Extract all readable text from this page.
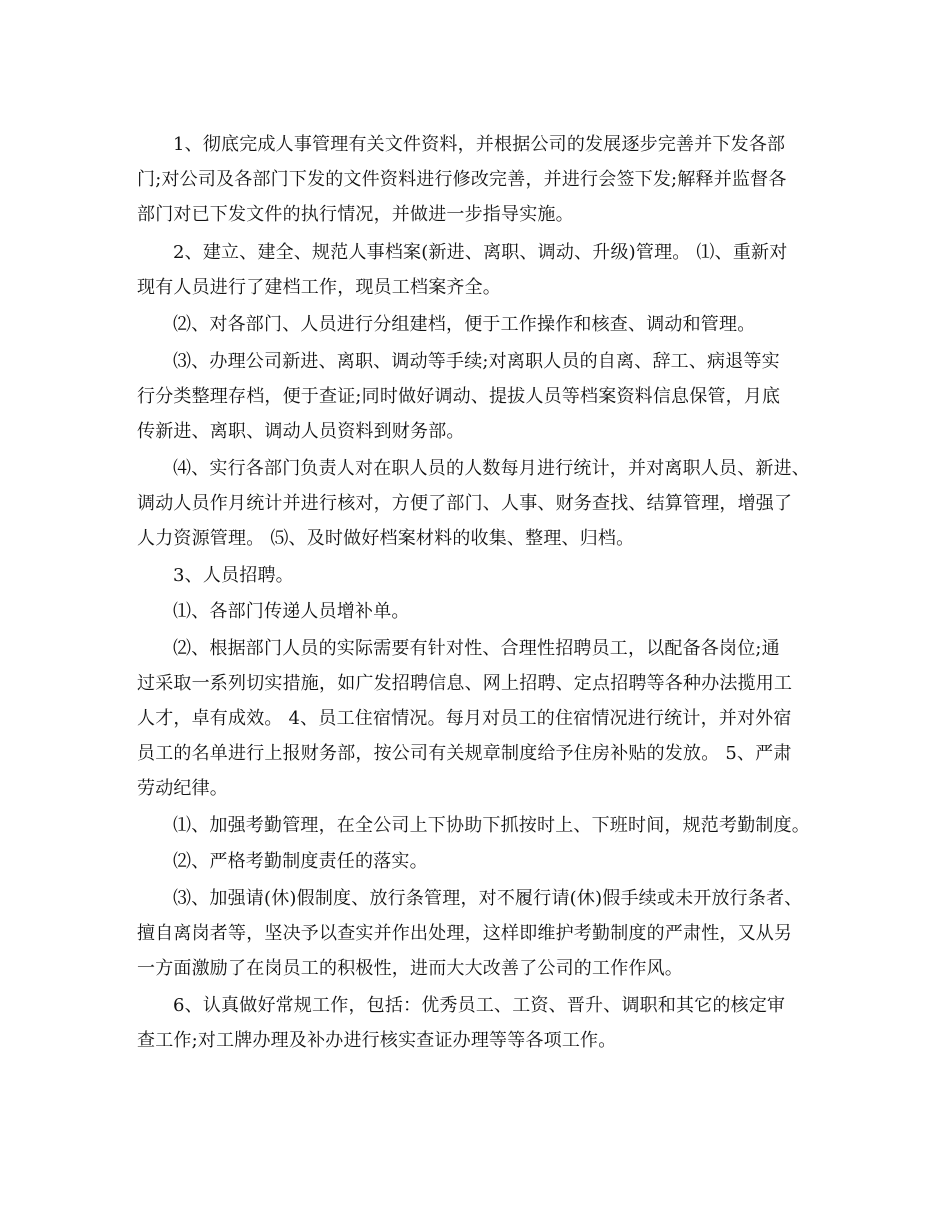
1、彻底完成人事管理有关文件资料，并根据公司的发展逐步完善并下发各部
门;对公司及各部门下发的文件资料进行修改完善，并进行会签下发;解释并监督各
部门对已下发文件的执行情况，并做进一步指导实施。
2、建立、建全、规范人事档案(新进、离职、调动、升级)管理。 ⑴、重新对
现有人员进行了建档工作，现员工档案齐全。
⑵、对各部门、人员进行分组建档，便于工作操作和核查、调动和管理。
⑶、办理公司新进、离职、调动等手续;对离职人员的自离、辞工、病退等实
行分类整理存档，便于查证;同时做好调动、提拔人员等档案资料信息保管，月底
传新进、离职、调动人员资料到财务部。
⑷、实行各部门负责人对在职人员的人数每月进行统计，并对离职人员、新进、
调动人员作月统计并进行核对，方便了部门、人事、财务查找、结算管理，增强了
人力资源管理。 ⑸、及时做好档案材料的收集、整理、归档。
3、人员招聘。
⑴、各部门传递人员增补单。
⑵、根据部门人员的实际需要有针对性、合理性招聘员工，以配备各岗位;通
过采取一系列切实措施，如广发招聘信息、网上招聘、定点招聘等各种办法揽用工
人才，卓有成效。 4、员工住宿情况。每月对员工的住宿情况进行统计，并对外宿
员工的名单进行上报财务部，按公司有关规章制度给予住房补贴的发放。 5、严肃
劳动纪律。
⑴、加强考勤管理，在全公司上下协助下抓按时上、下班时间，规范考勤制度。
⑵、严格考勤制度责任的落实。
⑶、加强请(休)假制度、放行条管理，对不履行请(休)假手续或未开放行条者、
擅自离岗者等，坚决予以查实并作出处理，这样即维护考勤制度的严肃性，又从另
一方面激励了在岗员工的积极性，进而大大改善了公司的工作作风。
6、认真做好常规工作，包括：优秀员工、工资、晋升、调职和其它的核定审
查工作;对工牌办理及补办进行核实查证办理等等各项工作。
